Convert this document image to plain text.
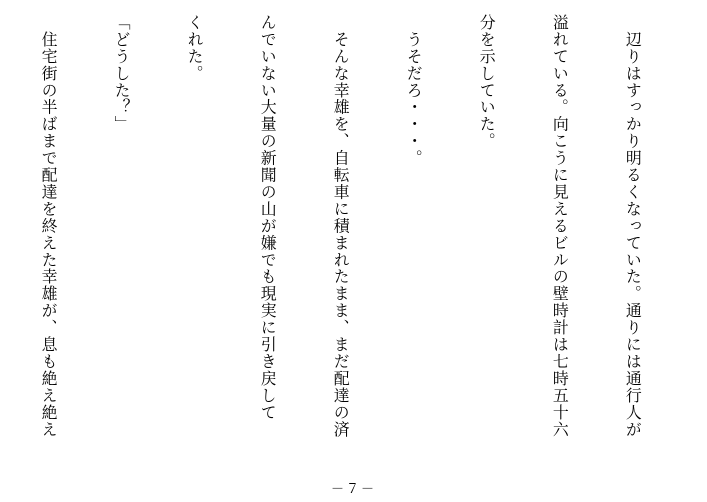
　辺りはすっかり明るくなっていた。通りには通行人が

溢れている。向こうに見えるビルの壁時計は七時五十六

分を示していた。

　うそだろ・・・。

　そんな幸雄を、自転車に積まれたまま、まだ配達の済

んでいない大量の新聞の山が嫌でも現実に引き戻して

くれた。

「どうした？」

　住宅街の半ばまで配達を終えた幸雄が、息も絶え絶え

－７－
